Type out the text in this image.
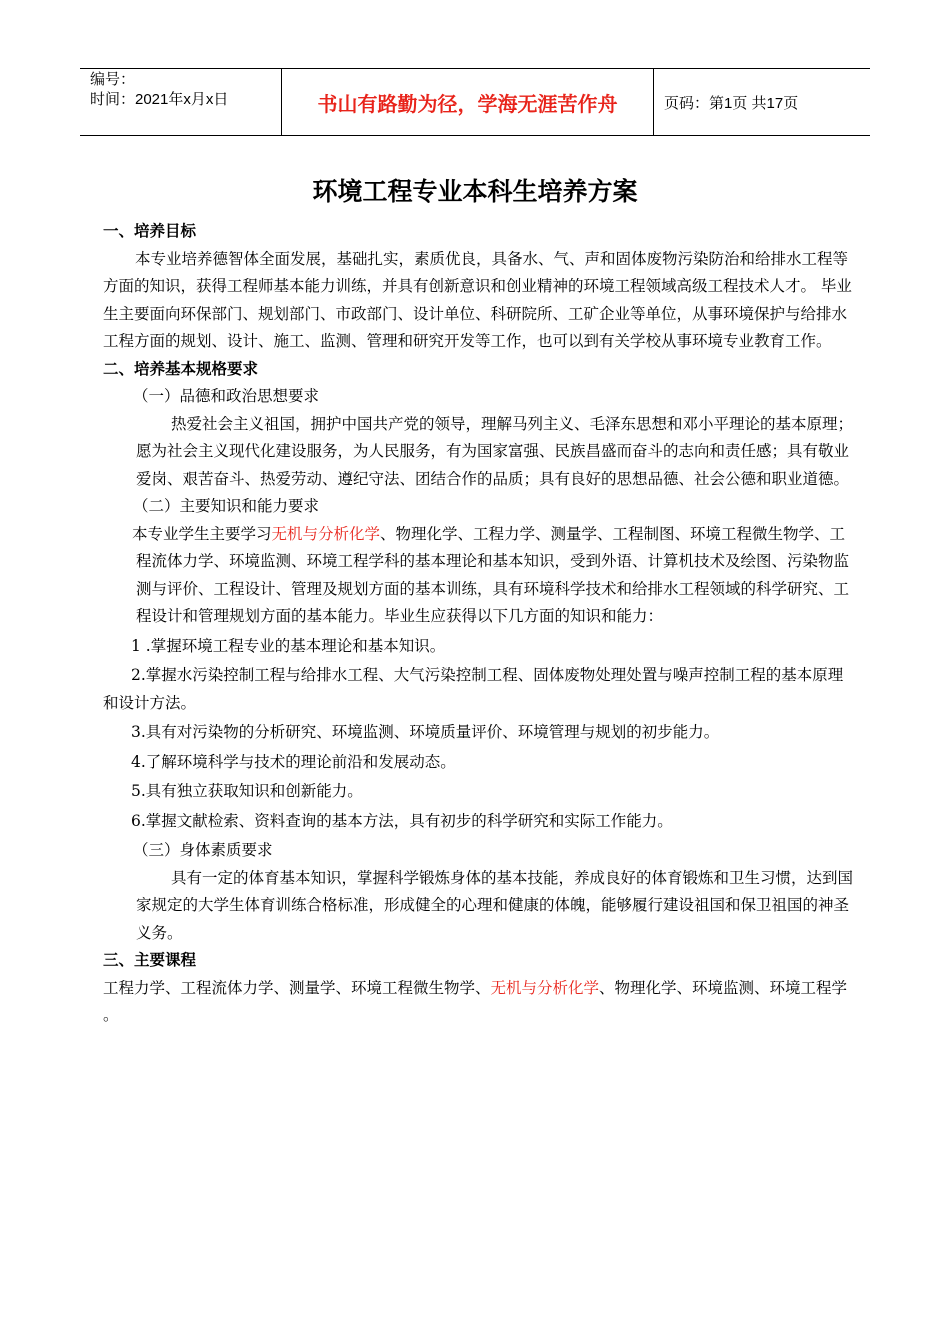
编号：
时间：2021年x月x日	书山有路勤为径，学海无涯苦作舟	页码：第1页 共17页
环境工程专业本科生培养方案

一、培养目标

本专业培养德智体全面发展，基础扎实，素质优良，具备水、气、声和固体废物污染防治和给排水工程等方面的知识，获得工程师基本能力训练，并具有创新意识和创业精神的环境工程领域高级工程技术人才。 毕业生主要面向环保部门、规划部门、市政部门、设计单位、科研院所、工矿企业等单位，从事环境保护与给排水工程方面的规划、设计、施工、监测、管理和研究开发等工作，也可以到有关学校从事环境专业教育工作。

二、培养基本规格要求

（一）品德和政治思想要求

热爱社会主义祖国，拥护中国共产党的领导，理解马列主义、毛泽东思想和邓小平理论的基本原理；愿为社会主义现代化建设服务，为人民服务，有为国家富强、民族昌盛而奋斗的志向和责任感；具有敬业爱岗、艰苦奋斗、热爱劳动、遵纪守法、团结合作的品质；具有良好的思想品德、社会公德和职业道德。

（二）主要知识和能力要求

本专业学生主要学习无机与分析化学、物理化学、工程力学、测量学、工程制图、环境工程微生物学、工程流体力学、环境监测、环境工程学科的基本理论和基本知识，受到外语、计算机技术及绘图、污染物监测与评价、工程设计、管理及规划方面的基本训练，具有环境科学技术和给排水工程领域的科学研究、工程设计和管理规划方面的基本能力。毕业生应获得以下几方面的知识和能力：

1 .掌握环境工程专业的基本理论和基本知识。

2.掌握水污染控制工程与给排水工程、大气污染控制工程、固体废物处理处置与噪声控制工程的基本原理和设计方法。

3.具有对污染物的分析研究、环境监测、环境质量评价、环境管理与规划的初步能力。

4.了解环境科学与技术的理论前沿和发展动态。

5.具有独立获取知识和创新能力。

6.掌握文献检索、资料查询的基本方法，具有初步的科学研究和实际工作能力。

（三）身体素质要求

具有一定的体育基本知识，掌握科学锻炼身体的基本技能，养成良好的体育锻炼和卫生习惯，达到国家规定的大学生体育训练合格标准，形成健全的心理和健康的体魄，能够履行建设祖国和保卫祖国的神圣义务。

三、主要课程

工程力学、工程流体力学、测量学、环境工程微生物学、无机与分析化学、物理化学、环境监测、环境工程学

。
